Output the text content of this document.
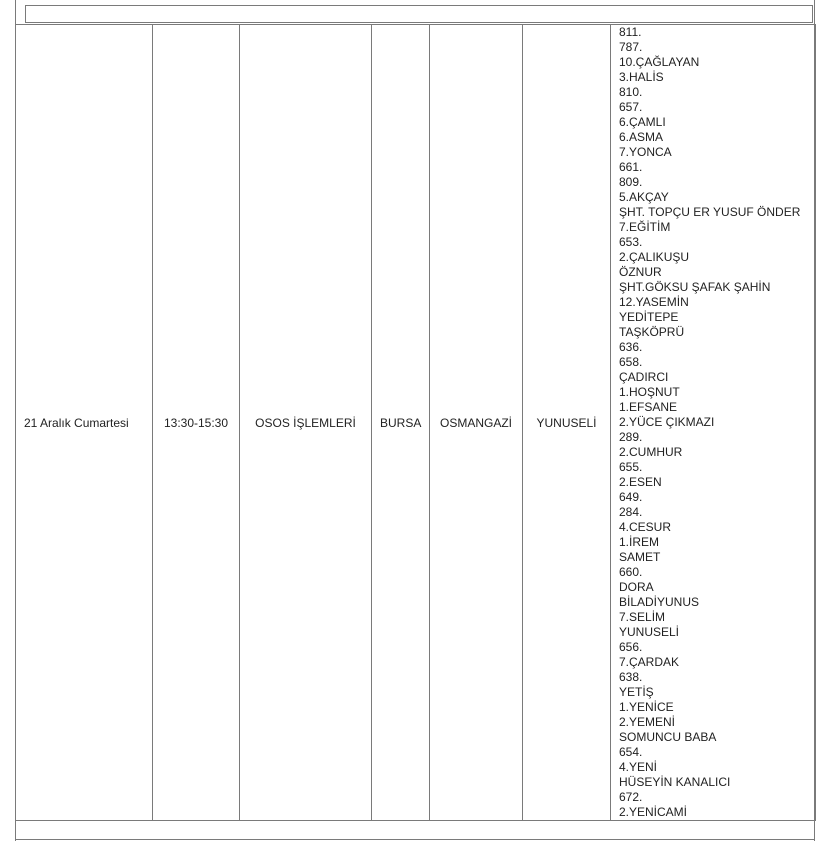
21 Aralık Cumartesi	13:30-15:30	OSOS İŞLEMLERİ	BURSA	OSMANGAZİ	YUNUSELİ	
811.
787.
10.ÇAĞLAYAN
3.HALİS
810.
657.
6.ÇAMLI
6.ASMA
7.YONCA
661.
809.
5.AKÇAY
ŞHT. TOPÇU ER YUSUF ÖNDER
7.EĞİTİM
653.
2.ÇALIKUŞU
ÖZNUR
ŞHT.GÖKSU ŞAFAK ŞAHİN
12.YASEMİN
YEDİTEPE
TAŞKÖPRÜ
636.
658.
ÇADIRCI
1.HOŞNUT
1.EFSANE
2.YÜCE ÇIKMAZI
289.
2.CUMHUR
655.
2.ESEN
649.
284.
4.CESUR
1.İREM
SAMET
660.
DORA
BİLADİYUNUS
7.SELİM
YUNUSELİ
656.
7.ÇARDAK
638.
YETİŞ
1.YENİCE
2.YEMENİ
SOMUNCU BABA
654.
4.YENİ
HÜSEYİN KANALICI
672.
2.YENİCAMİ
